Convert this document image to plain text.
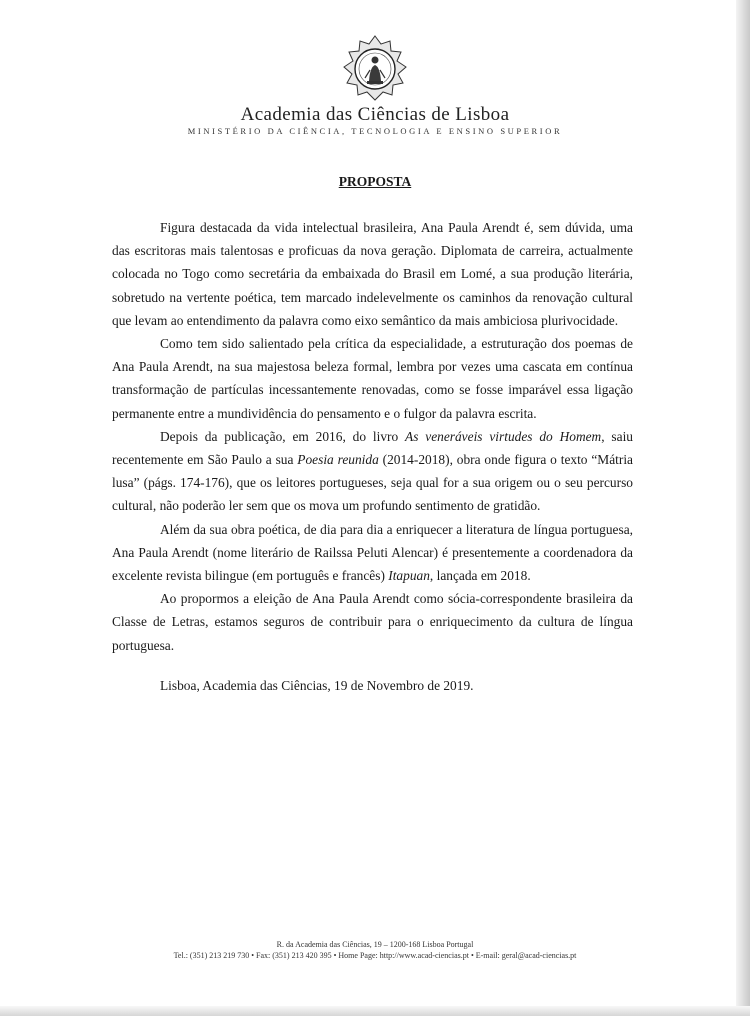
Academia das Ciências de Lisboa
MINISTÉRIO DA CIÊNCIA, TECNOLOGIA E ENSINO SUPERIOR
PROPOSTA

Figura destacada da vida intelectual brasileira, Ana Paula Arendt é, sem dúvida, uma das escritoras mais talentosas e proficuas da nova geração. Diplomata de carreira, actualmente colocada no Togo como secretária da embaixada do Brasil em Lomé, a sua produção literária, sobretudo na vertente poética, tem marcado indelevelmente os caminhos da renovação cultural que levam ao entendimento da palavra como eixo semântico da mais ambiciosa plurivocidade.

Como tem sido salientado pela crítica da especialidade, a estruturação dos poemas de Ana Paula Arendt, na sua majestosa beleza formal, lembra por vezes uma cascata em contínua transformação de partículas incessantemente renovadas, como se fosse imparável essa ligação permanente entre a mundividência do pensamento e o fulgor da palavra escrita.

Depois da publicação, em 2016, do livro As veneráveis virtudes do Homem, saiu recentemente em São Paulo a sua Poesia reunida (2014-2018), obra onde figura o texto “Mátria lusa” (págs. 174-176), que os leitores portugueses, seja qual for a sua origem ou o seu percurso cultural, não poderão ler sem que os mova um profundo sentimento de gratidão.

Além da sua obra poética, de dia para dia a enriquecer a literatura de língua portuguesa, Ana Paula Arendt (nome literário de Railssa Peluti Alencar) é presentemente a coordenadora da excelente revista bilingue (em português e francês) Itapuan, lançada em 2018.

Ao propormos a eleição de Ana Paula Arendt como sócia-correspondente brasileira da Classe de Letras, estamos seguros de contribuir para o enriquecimento da cultura de língua portuguesa.

Lisboa, Academia das Ciências, 19 de Novembro de 2019.
R. da Academia das Ciências, 19 – 1200-168 Lisboa Portugal
Tel.: (351) 213 219 730 • Fax: (351) 213 420 395 • Home Page: http://www.acad-ciencias.pt • E-mail: geral@acad-ciencias.pt
